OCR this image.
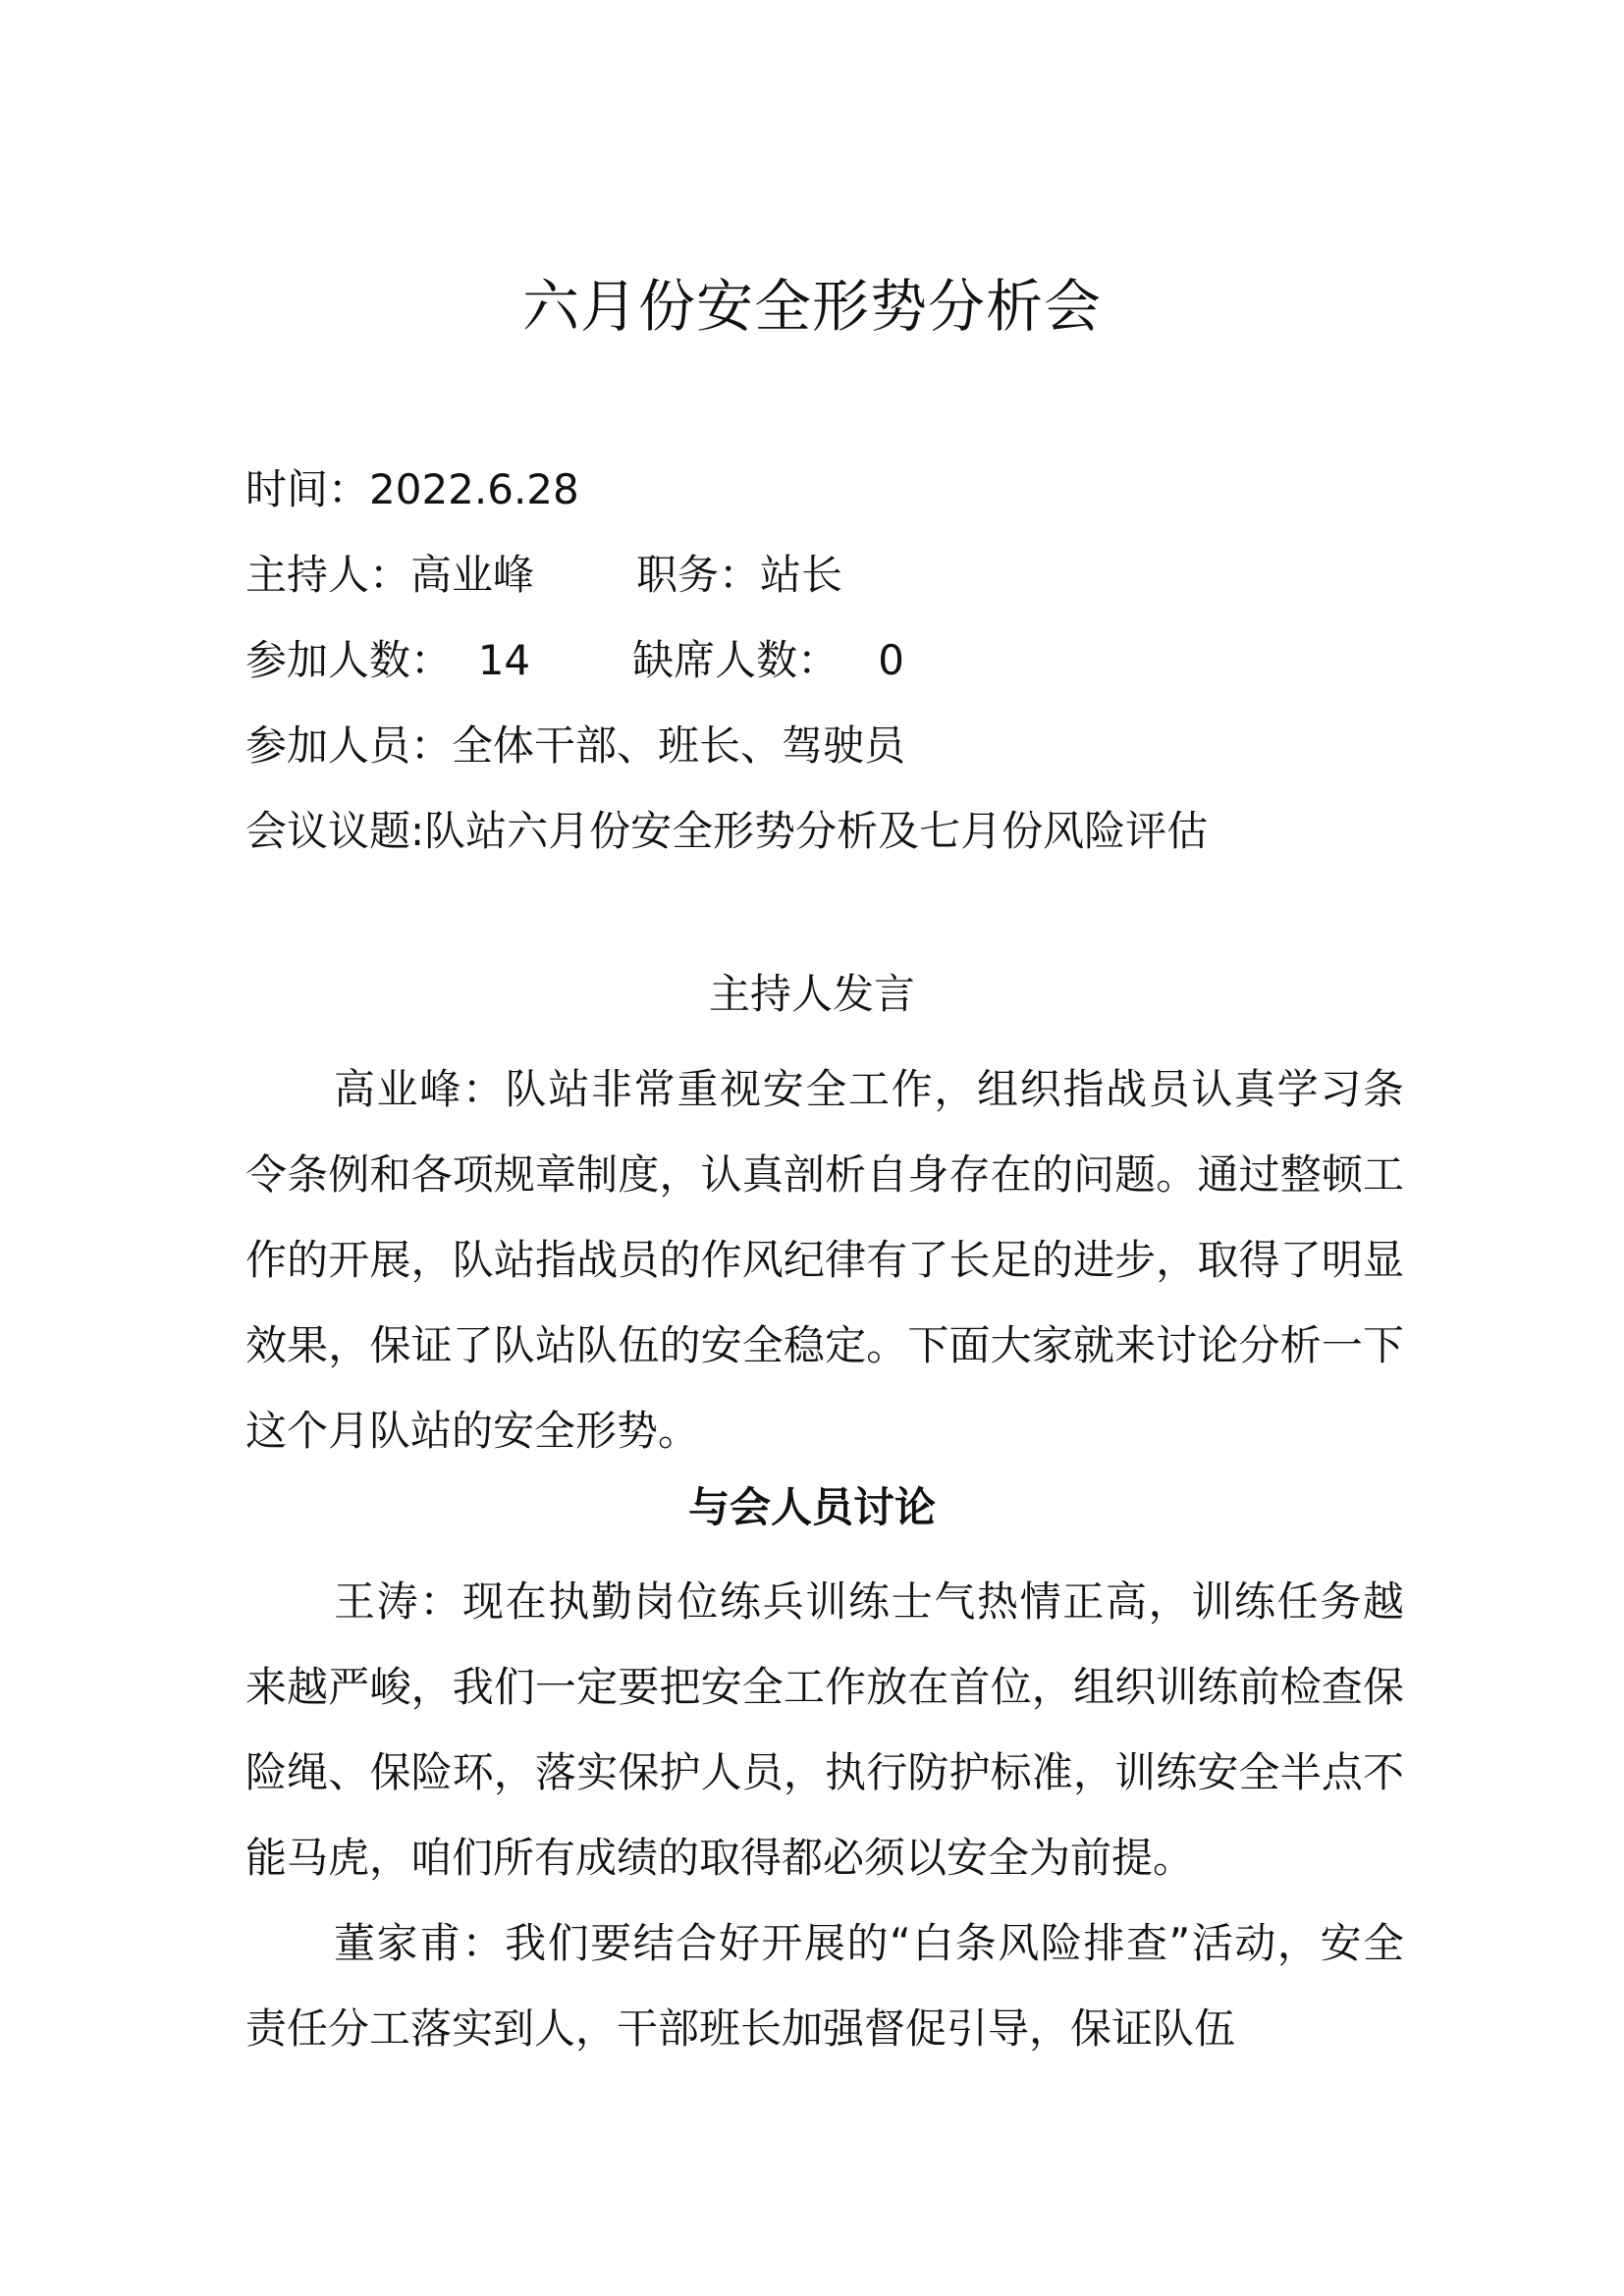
六月份安全形势分析会
时间：2022.6.28
主持人：高业峰 职务：站长
参加人数：  14 缺席人数：   0
参加人员：全体干部、班长、驾驶员
会议议题:队站六月份安全形势分析及七月份风险评估
主持人发言

高业峰：队站非常重视安全工作，组织指战员认真学习条令条例和各项规章制度，认真剖析自身存在的问题。通过整顿工作的开展，队站指战员的作风纪律有了长足的进步，取得了明显效果，保证了队站队伍的安全稳定。下面大家就来讨论分析一下这个月队站的安全形势。

与会人员讨论

王涛：现在执勤岗位练兵训练士气热情正高，训练任务越来越严峻，我们一定要把安全工作放在首位，组织训练前检查保险绳、保险环，落实保护人员，执行防护标准，训练安全半点不能马虎，咱们所有成绩的取得都必须以安全为前提。

董家甫：我们要结合好开展的“白条风险排查”活动，安全责任分工落实到人，干部班长加强督促引导，保证队伍
